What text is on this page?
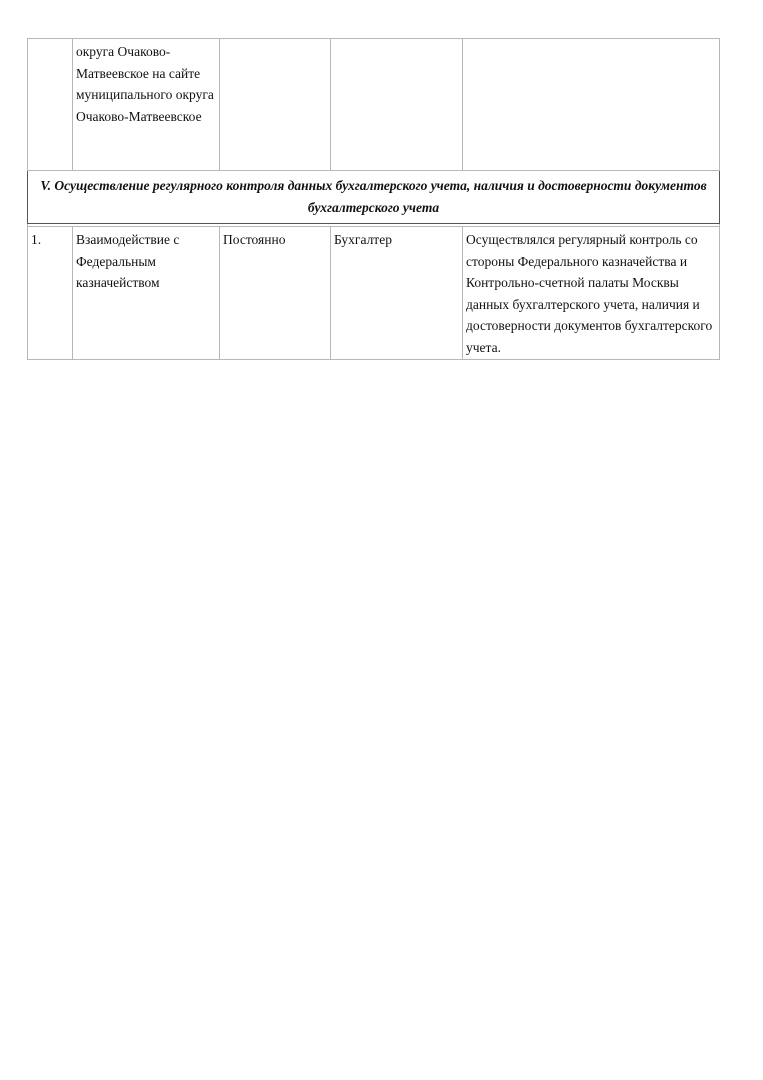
	округа Очаково-Матвеевское на сайте муниципального округа Очаково-Матвеевское			
V. Осуществление регулярного контроля данных бухгалтерского учета, наличия и достоверности документов бухгалтерского учета				

1.	Взаимодействие с Федеральным казначейством	Постоянно	Бухгалтер	Осуществлялся регулярный контроль со стороны Федерального казначейства и Контрольно-счетной палаты Москвы данных бухгалтерского учета, наличия и достоверности документов бухгалтерского учета.
